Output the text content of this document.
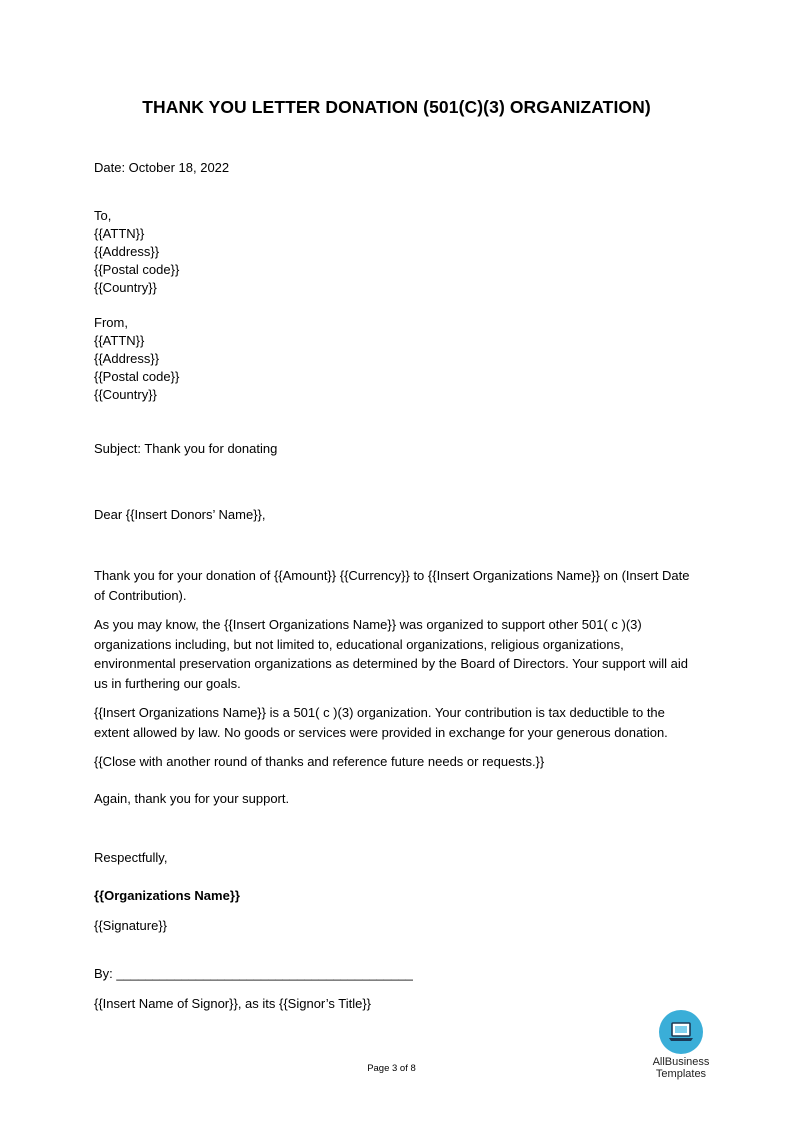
THANK YOU LETTER DONATION (501(C)(3) ORGANIZATION)

Date: October 18, 2022

To,

{{ATTN}}

{{Address}}

{{Postal code}}

{{Country}}

From,

{{ATTN}}

{{Address}}

{{Postal code}}

{{Country}}

Subject: Thank you for donating

Dear {{Insert Donors’ Name}},

Thank you for your donation of {{Amount}} {{Currency}} to {{Insert Organizations Name}} on (Insert Date of Contribution).

As you may know, the {{Insert Organizations Name}} was organized to support other 501( c )(3) organizations including, but not limited to, educational organizations, religious organizations, environmental preservation organizations as determined by the Board of Directors. Your support will aid us in furthering our goals.

{{Insert Organizations Name}} is a 501( c )(3) organization. Your contribution is tax deductible to the extent allowed by law. No goods or services were provided in exchange for your generous donation.

{{Close with another round of thanks and reference future needs or requests.}}

Again, thank you for your support.

Respectfully,

{{Organizations Name}}

{{Signature}}

By: _________________________________________

{{Insert Name of Signor}}, as its {{Signor’s Title}}

Page 3 of 8

AllBusiness
Templates
